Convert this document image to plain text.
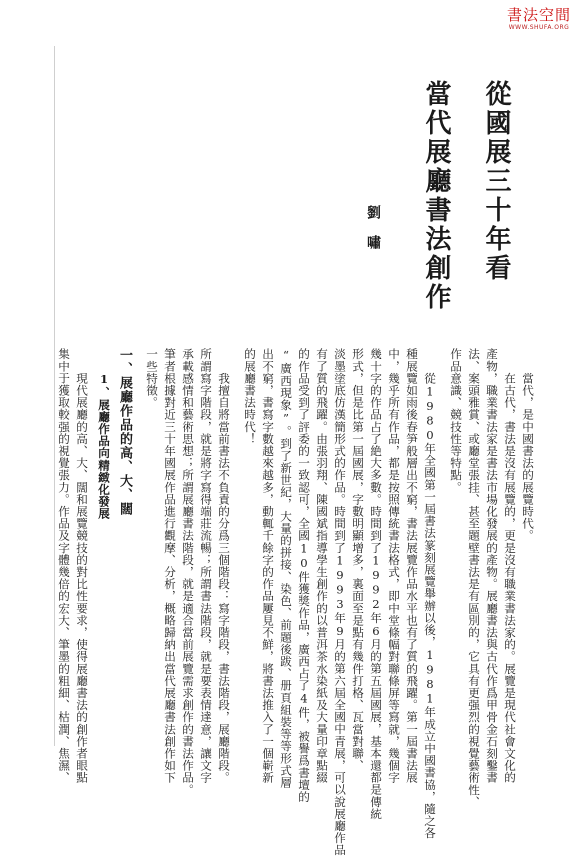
書法空間
WWW.SHUFA.ORG
從國展三十年看
當代展廳書法創作
劉嘯
　　當代，是中國書法的展覽時代。
　　在古代，書法是沒有展覽的，更是沒有職業書法家的。展覽是現代社會文化的
產物，職業書法家是書法市場化發展的產物。展廳書法與古代作爲甲骨金石刻鑿書
法、案頭雅賞、或廳堂張挂、甚至題壁書法是有區別的，它具有更强烈的視覺藝術性、
作品意識、競技性等特點。
　　從1980年全國第一屆書法篆刻展覽舉辦以後，1981年成立中國書協，隨之各
種展覽如雨後春笋般層出不窮，書法展覽作品水平也有了質的飛躍。第一屆書法展
中，幾乎所有作品，都是按照傳統書法格式，即中堂條幅對聯條屏等寫就，幾個字
幾十字的作品占了絶大多數。時間到了1992年6月的第五屆國展，基本還都是傳統
形式，但是比第一屆國展，字數明顯增多，裏面至是點有幾件打格、瓦當對聯、
淡墨塗底仿漢簡形式的作品。時間到了1993年9月的第六屆全國中青展，可以說展廳作品
有了質的飛躍。由張羽翔、陳國斌指導學生創作的以普洱茶水染紙及大量印章點綴
的作品受到了評委的一致認可，全國10件獲獎作品，廣西占了4件，被譽爲書壇的
“廣西現象”。到了新世紀，大量的拼接、染色、前題後跋、册頁組裝等等形式層
出不窮，書寫字數越來越多，動輒千餘字的作品屢見不鮮，將書法推入了一個嶄新
的展廳書法時代！
　　我擅自將當前書法不負責的分爲三個階段：寫字階段，書法階段，展廳階段。
所謂寫字階段，就是將字寫得端莊流暢；所謂書法階段，就是要表情達意，讓文字
承載感情和藝術思想；所謂展廳書法階段，就是適合當前展覽需求創作的書法作品。
筆者根據對近三十年國展作品進行觀摩、分析，概略歸納出當代展廳書法創作如下
一些特徵。
一、展廳作品的高、大、闊
1、展廳作品向精緻化發展
　　現代展廳的高、大、闊和展覽競技的對比性要求，使得展廳書法的創作者眼點
集中于獲取較强的視覺張力。作品及字體幾倍的宏大、筆墨的粗細、枯潤、焦濕、
